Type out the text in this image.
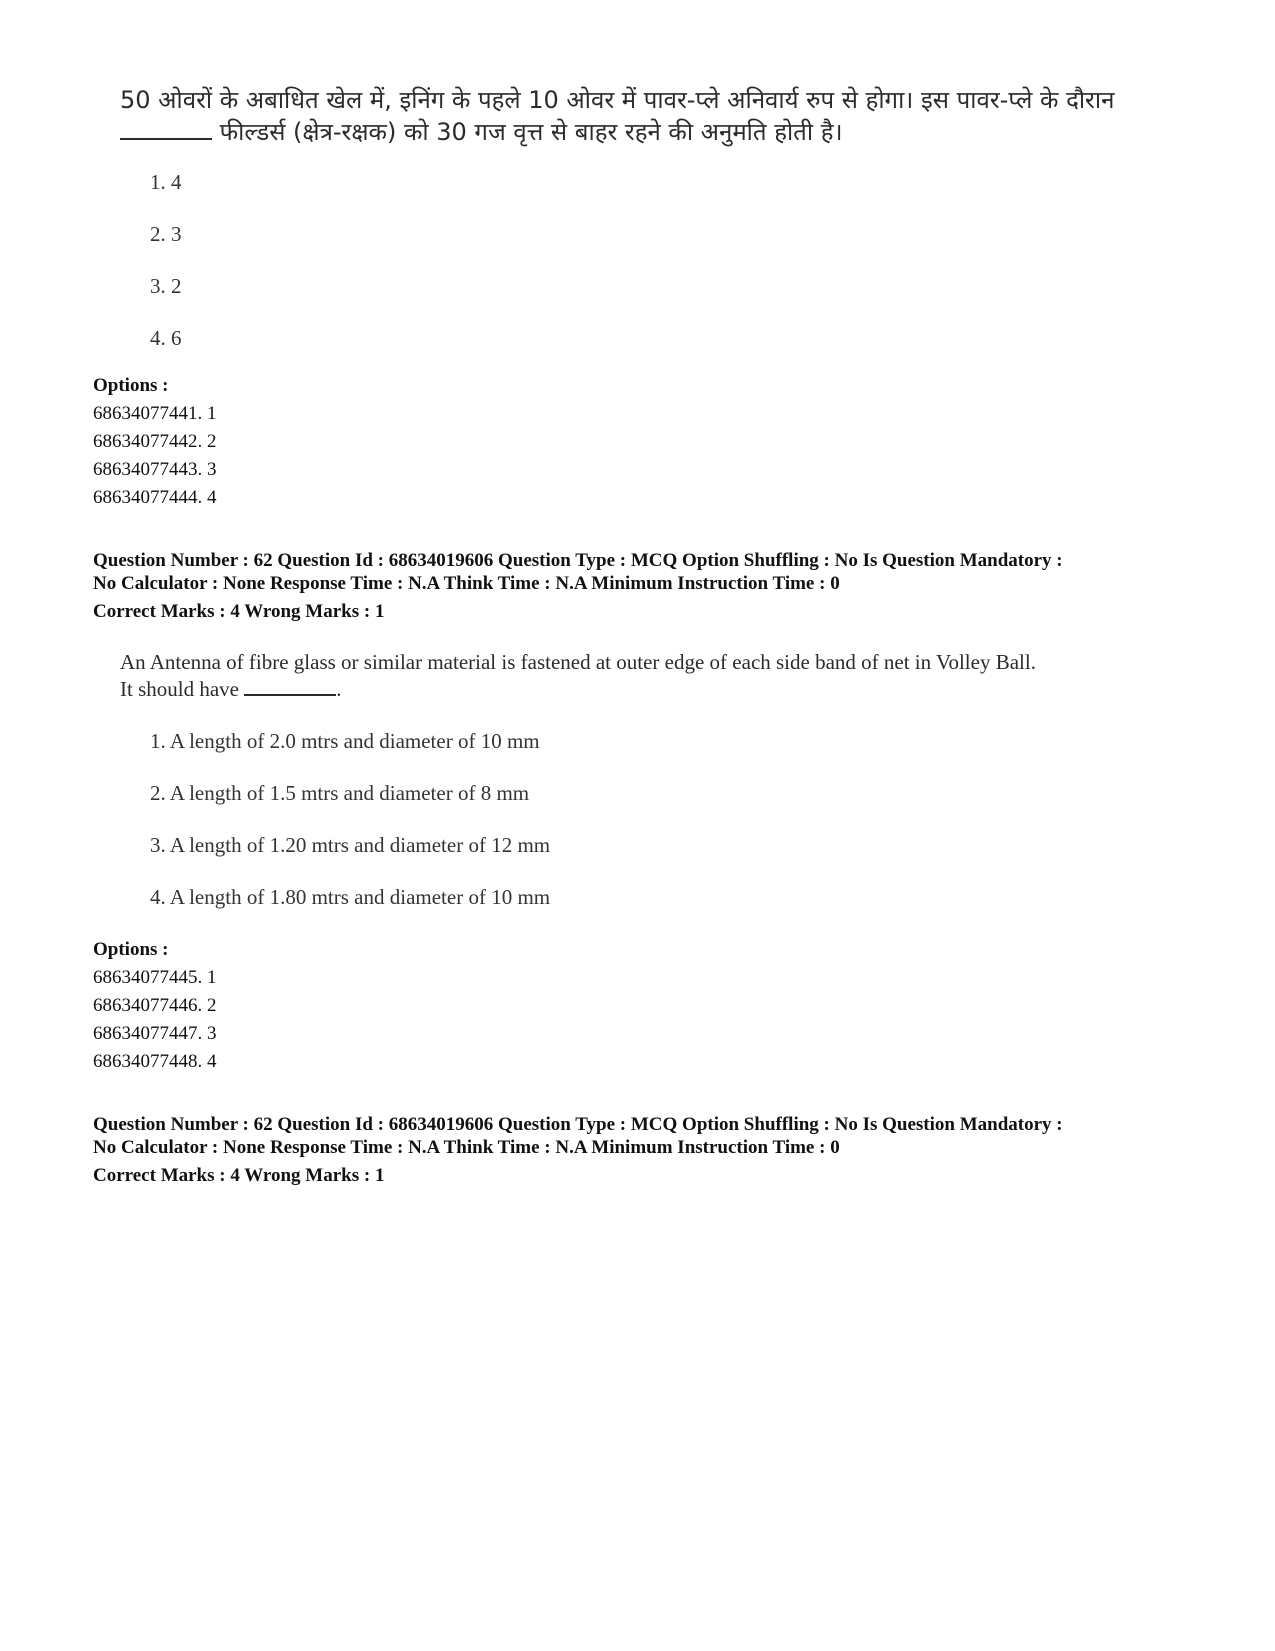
50 ओवरों के अबाधित खेल में, इनिंग के पहले 10 ओवर में पावर-प्ले अनिवार्य रुप से होगा। इस पावर-प्ले के दौरान
फील्डर्स (क्षेत्र-रक्षक) को 30 गज वृत्त से बाहर रहने की अनुमति होती है।
1. 4
2. 3
3. 2
4. 6
Options :
68634077441. 1
68634077442. 2
68634077443. 3
68634077444. 4
Question Number : 62 Question Id : 68634019606 Question Type : MCQ Option Shuffling : No Is Question Mandatory :
No Calculator : None Response Time : N.A Think Time : N.A Minimum Instruction Time : 0
Correct Marks : 4 Wrong Marks : 1
An Antenna of fibre glass or similar material is fastened at outer edge of each side band of net in Volley Ball.
It should have	.
1. A length of 2.0 mtrs and diameter of 10 mm
2. A length of 1.5 mtrs and diameter of 8 mm
3. A length of 1.20 mtrs and diameter of 12 mm
4. A length of 1.80 mtrs and diameter of 10 mm
Options :
68634077445. 1
68634077446. 2
68634077447. 3
68634077448. 4
Question Number : 62 Question Id : 68634019606 Question Type : MCQ Option Shuffling : No Is Question Mandatory :
No Calculator : None Response Time : N.A Think Time : N.A Minimum Instruction Time : 0
Correct Marks : 4 Wrong Marks : 1
